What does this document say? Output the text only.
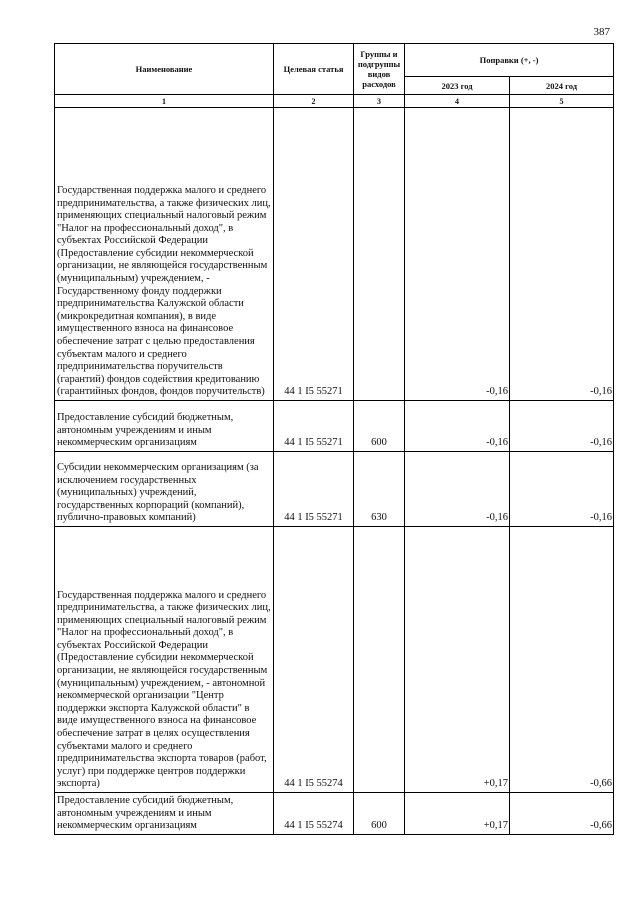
387
Наименование	Целевая статья	Группы и подгруппы видов расходов	Поправки (+, -)	
			2023 год	2024 год
1	2	3	4	5
Государственная поддержка малого и среднего предпринимательства, а также физических лиц, применяющих специальный налоговый режим "Налог на профессиональный доход", в субъектах Российской Федерации (Предоставление субсидии некоммерческой организации, не являющейся государственным (муниципальным) учреждением, - Государственному фонду поддержки предпринимательства Калужской области (микрокредитная компания), в виде имущественного взноса на финансовое обеспечение затрат с целью предоставления субъектам малого и среднего предпринимательства поручительств (гарантий) фондов содействия кредитованию (гарантийных фондов, фондов поручительств)	44 1 I5 55271		-0,16	-0,16
Предоставление субсидий бюджетным, автономным учреждениям и иным некоммерческим организациям	44 1 I5 55271	600	-0,16	-0,16
Субсидии некоммерческим организациям (за исключением государственных (муниципальных) учреждений, государственных корпораций (компаний), публично-правовых компаний)	44 1 I5 55271	630	-0,16	-0,16
Государственная поддержка малого и среднего предпринимательства, а также физических лиц, применяющих специальный налоговый режим "Налог на профессиональный доход", в субъектах Российской Федерации (Предоставление субсидии некоммерческой организации, не являющейся государственным (муниципальным) учреждением, - автономной некоммерческой организации "Центр поддержки экспорта Калужской области" в виде имущественного взноса на финансовое обеспечение затрат в целях осуществления субъектами малого и среднего предпринимательства экспорта товаров (работ, услуг) при поддержке центров поддержки экспорта)	44 1 I5 55274		+0,17	-0,66
Предоставление субсидий бюджетным, автономным учреждениям и иным некоммерческим организациям	44 1 I5 55274	600	+0,17	-0,66
